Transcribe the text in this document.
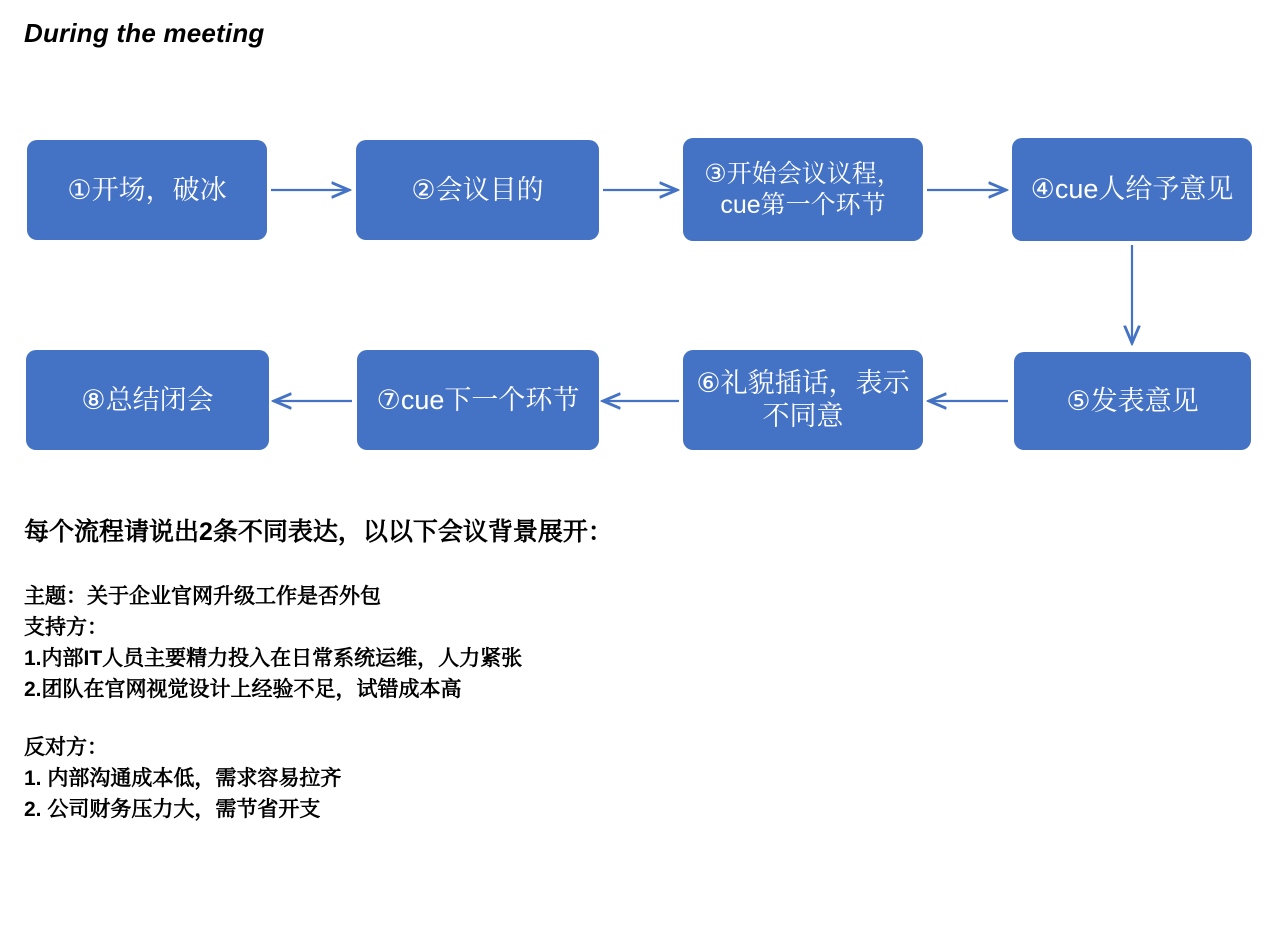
During the meeting
①开场，破冰	②会议目的
③开始会议议程，cue第一个环节
④cue人给予意见
⑤发表意见
⑥礼貌插话，表示不同意
⑦cue下一个环节
⑧总结闭会
每个流程请说出2条不同表达，以以下会议背景展开：
主题：关于企业官网升级工作是否外包
支持方：
1.内部IT人员主要精力投入在日常系统运维，人力紧张
2.团队在官网视觉设计上经验不足，试错成本高
反对方：
1. 内部沟通成本低，需求容易拉齐
2. 公司财务压力大，需节省开支
